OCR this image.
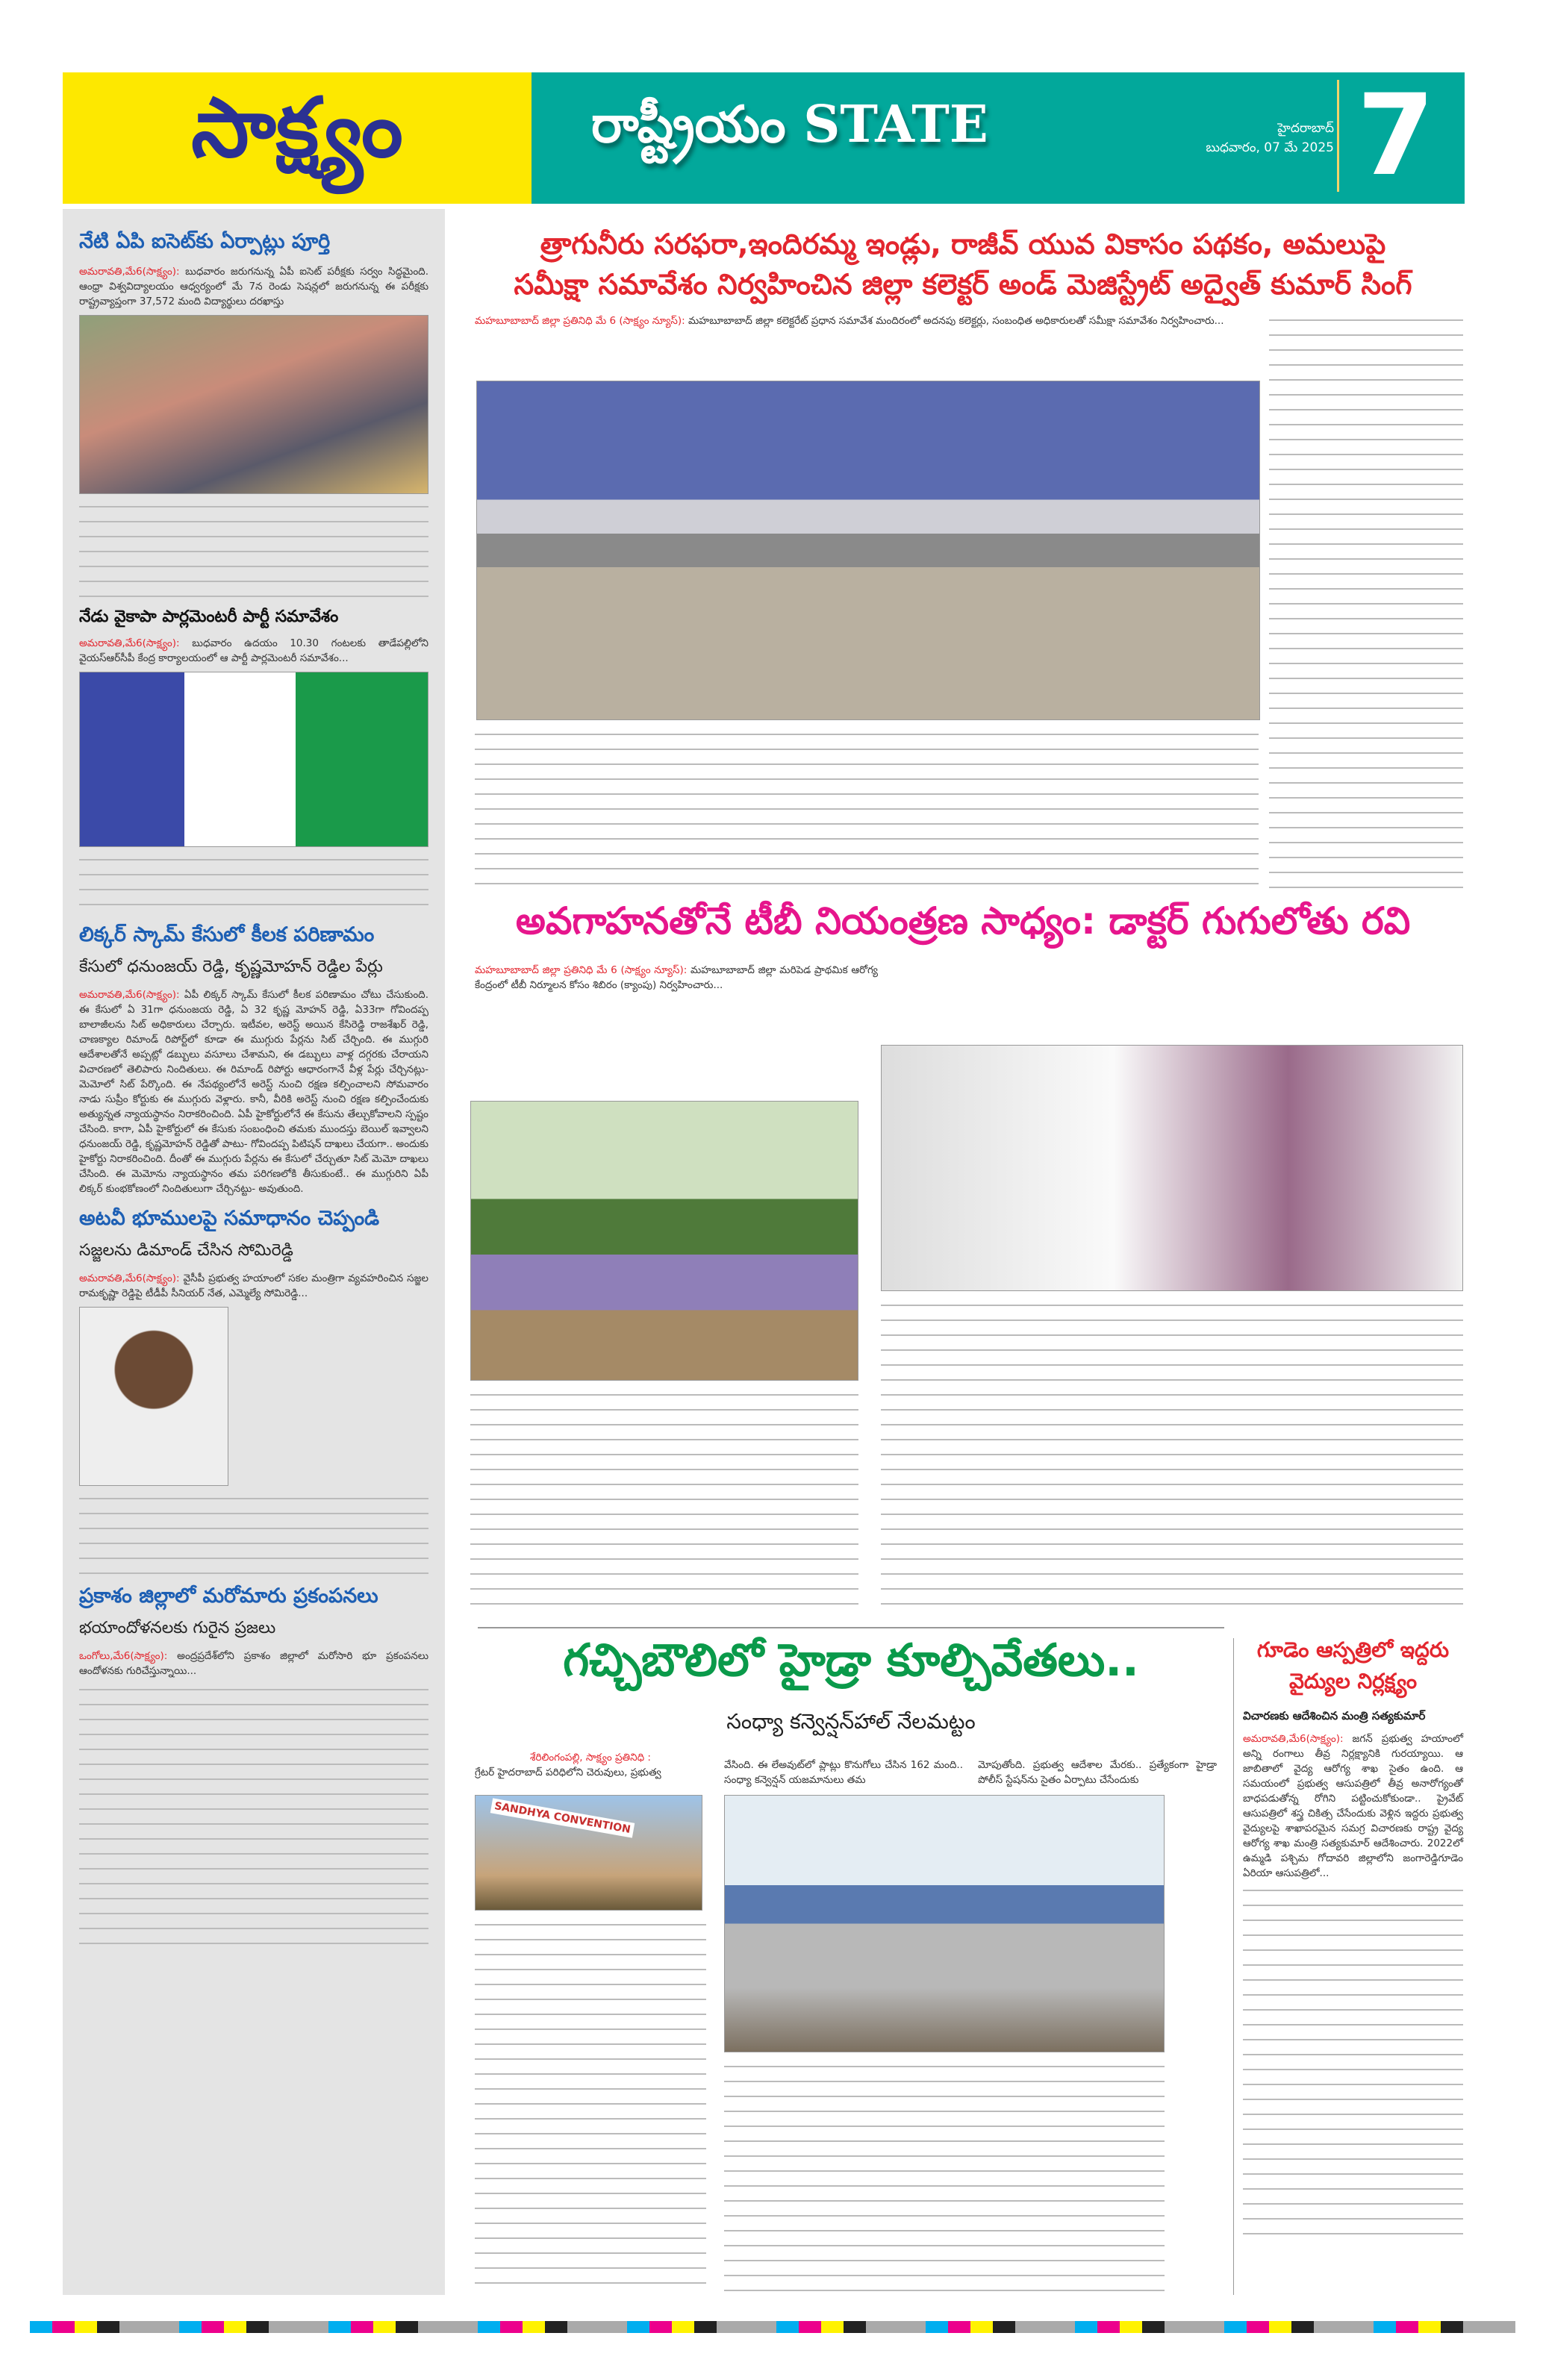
సాక్ష్యం	రాష్ట్రీయం STATE	హైదరాబాద్
బుధవారం, 07 మే 2025 7
నేటి ఏపి ఐసెట్‌కు ఏర్పాట్లు పూర్తి

అమరావతి,మే6(సాక్ష్యం): బుధవారం జరుగనున్న ఏపీ ఐసెట్ పరీక్షకు సర్వం సిద్ధమైంది. ఆంధ్రా విశ్వవిద్యాలయం ఆధ్వర్యంలో మే 7న రెండు సెషన్లలో జరుగనున్న ఈ పరీక్షకు రాష్ట్రవ్యాప్తంగా 37,572 మంది విద్యార్థులు దరఖాస్తు

నేడు వైకాపా పార్లమెంటరీ పార్టీ సమావేశం

అమరావతి,మే6(సాక్ష్యం): బుధవారం ఉదయం 10.30 గంటలకు తాడేపల్లిలోని వైయస్‌ఆర్‌సీపీ కేంద్ర కార్యాలయంలో ఆ పార్టీ పార్లమెంటరీ సమావేశం...

లిక్కర్ స్కామ్ కేసులో కీలక పరిణామం
కేసులో ధనుంజయ్ రెడ్డి, కృష్ణమోహన్ రెడ్డిల పేర్లు

అమరావతి,మే6(సాక్ష్యం): ఏపీ లిక్కర్ స్కామ్ కేసులో కీలక పరిణామం చోటు చేసుకుంది. ఈ కేసులో ఏ 31గా ధనుంజయ రెడ్డి, ఏ 32 కృష్ణ మోహన్ రెడ్డి, ఏ33గా గోవిందప్ప బాలాజీలను సిట్ అధికారులు చేర్చారు. ఇటీవల, అరెస్ట్ అయిన కేసిరెడ్డి రాజశేఖర్ రెడ్డి, చాణక్యాల రిమాండ్ రిపోర్ట్‌లో కూడా ఈ ముగ్గురు పేర్లను సిట్ చేర్చింది. ఈ ముగ్గురి ఆదేశాలతోనే అప్పట్లో డబ్బులు వసూలు చేశామని, ఈ డబ్బులు వాళ్ల దగ్గరకు చేరాయని విచారణలో తెలిపారు నిందితులు. ఈ రిమాండ్ రిపోర్టు ఆధారంగానే వీళ్ల పేర్లు చేర్చినట్లు- మెమోలో సిట్ పేర్కొంది. ఈ నేపథ్యంలోనే అరెస్ట్ నుంచి రక్షణ కల్పించాలని సోమవారం నాడు సుప్రీం కోర్టుకు ఈ ముగ్గురు వెళ్లారు. కానీ, వీరికి అరెస్ట్ నుంచి రక్షణ కల్పించేందుకు అత్యున్నత న్యాయస్థానం నిరాకరించింది. ఏపీ హైకోర్టులోనే ఈ కేసును తేల్చుకోవాలని స్పష్టం చేసింది. కాగా, ఏపీ హైకోర్టులో ఈ కేసుకు సంబంధించి తమకు ముందస్తు బెయిల్ ఇవ్వాలని ధనుంజయ్ రెడ్డి, కృష్ణమోహన్ రెడ్డితో పాటు- గోవిందప్ప పిటిషన్ దాఖలు చేయగా.. అందుకు హైకోర్టు నిరాకరించింది. దీంతో ఈ ముగ్గురు పేర్లను ఈ కేసులో చేర్చుతూ సిట్ మెమో దాఖలు చేసింది. ఈ మెమోను న్యాయస్థానం తమ పరిగణలోకి తీసుకుంటే.. ఈ ముగ్గురిని ఏపీ లిక్కర్ కుంభకోణంలో నిందితులుగా చేర్చినట్టు- అవుతుంది.

అటవీ భూములపై సమాధానం చెప్పండి
సజ్జలను డిమాండ్ చేసిన సోమిరెడ్డి

అమరావతి,మే6(సాక్ష్యం): వైసీపీ ప్రభుత్వ హయాంలో సకల మంత్రిగా వ్యవహరించిన సజ్జల రామకృష్ణా రెడ్డిపై టీడీపీ సీనియర్ నేత, ఎమ్మెల్యే సోమిరెడ్డి...

ప్రకాశం జిల్లాలో మరోమారు ప్రకంపనలు
భయాందోళనలకు గురైన ప్రజలు

ఒంగోలు,మే6(సాక్ష్యం): అంద్రప్రదేశ్‌లోని ప్రకాశం జిల్లాలో మరోసారి భూ ప్రకంపనలు ఆందోళనకు గురిచేస్తున్నాయి...

త్రాగునీరు సరఫరా,ఇందిరమ్మ ఇండ్లు, రాజీవ్ యువ వికాసం పథకం, అమలుపై
సమీక్షా సమావేశం నిర్వహించిన జిల్లా కలెక్టర్ అండ్ మెజిస్ట్రేట్ అద్వైత్ కుమార్ సింగ్

మహబూబాబాద్ జిల్లా ప్రతినిధి మే 6 (సాక్ష్యం న్యూస్): మహబూబాబాద్ జిల్లా కలెక్టరేట్ ప్రధాన సమావేశ మందిరంలో అదనపు కలెక్టర్లు, సంబంధిత అధికారులతో సమీక్షా సమావేశం నిర్వహించారు...

అవగాహనతోనే టీబీ నియంత్రణ సాధ్యం: డాక్టర్ గుగులోతు రవి

మహబూబాబాద్ జిల్లా ప్రతినిధి మే 6 (సాక్ష్యం న్యూస్): మహబూబాబాద్ జిల్లా మరిపెడ ప్రాథమిక ఆరోగ్య కేంద్రంలో టీబీ నిర్మూలన కోసం శిబిరం (క్యాంపు) నిర్వహించారు...

గచ్చిబౌలిలో హైడ్రా కూల్చివేతలు..
సంధ్యా కన్వెన్షన్‌హాల్ నేలమట్టం
శేరిలింగంపల్లి, సాక్ష్యం ప్రతినిధి :
గ్రేటర్ హైదరాబాద్ పరిధిలోని చెరువులు, ప్రభుత్వ
వేసింది. ఈ లేఅవుట్‌లో ప్లాట్లు కొనుగోలు చేసిన 162 మంది.. సంధ్యా కన్వెన్షన్ యజమానులు తమ
మోపుతోంది. ప్రభుత్వ ఆదేశాల మేరకు.. ప్రత్యేకంగా హైడ్రా పోలీస్ స్టేషన్‌ను సైతం ఏర్పాటు చేసేందుకు
SANDHYA CONVENTION
గూడెం ఆస్పత్రిలో ఇద్దరు వైద్యుల నిర్లక్ష్యం
విచారణకు ఆదేశించిన మంత్రి సత్యకుమార్

అమరావతి,మే6(సాక్ష్యం): జగన్ ప్రభుత్వ హయాంలో అన్ని రంగాలు తీవ్ర నిర్లక్ష్యానికి గురయ్యాయి. ఆ జాబితాలో వైద్య ఆరోగ్య శాఖ సైతం ఉంది. ఆ సమయంలో ప్రభుత్వ ఆసుపత్రిలో తీవ్ర అనారోగ్యంతో బాధపడుతోన్న రోగిని పట్టించుకోకుండా.. ప్రైవేట్ ఆసుపత్రిలో శస్త్ర చికిత్స చేసేందుకు వెళ్లిన ఇద్దరు ప్రభుత్వ వైద్యులపై శాఖాపరమైన సమగ్ర విచారణకు రాష్ట్ర వైద్య ఆరోగ్య శాఖ మంత్రి సత్యకుమార్ ఆదేశించారు. 2022లో ఉమ్మడి పశ్చిమ గోదావరి జిల్లాలోని జంగారెడ్డిగూడెం ఏరియా ఆసుపత్రిలో...
